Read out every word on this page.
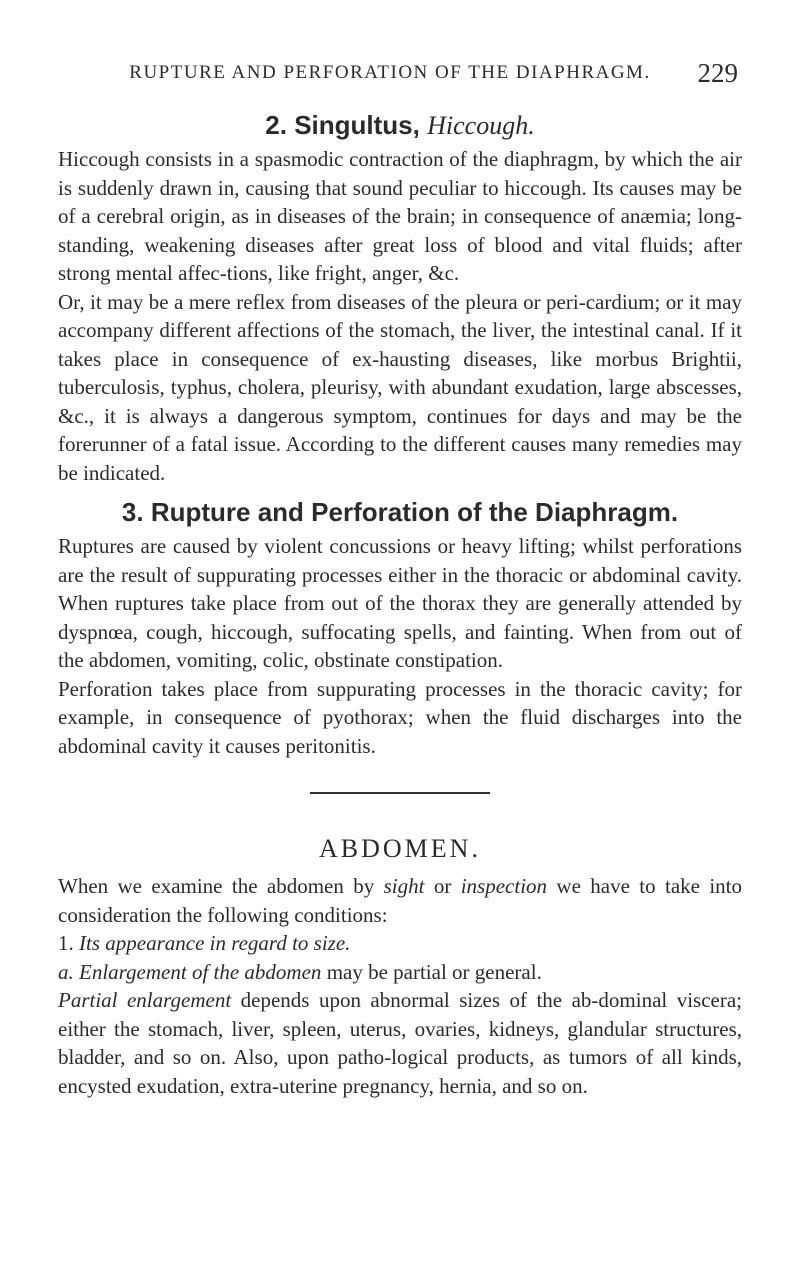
RUPTURE AND PERFORATION OF THE DIAPHRAGM.	229
2. Singultus, Hiccough.

Hiccough consists in a spasmodic contraction of the diaphragm, by which the air is suddenly drawn in, causing that sound peculiar to hiccough. Its causes may be of a cerebral origin, as in diseases of the brain; in consequence of anæmia; long-standing, weakening diseases after great loss of blood and vital fluids; after strong mental affec-tions, like fright, anger, &c.

Or, it may be a mere reflex from diseases of the pleura or peri-cardium; or it may accompany different affections of the stomach, the liver, the intestinal canal. If it takes place in consequence of ex-hausting diseases, like morbus Brightii, tuberculosis, typhus, cholera, pleurisy, with abundant exudation, large abscesses, &c., it is always a dangerous symptom, continues for days and may be the forerunner of a fatal issue. According to the different causes many remedies may be indicated.

3. Rupture and Perforation of the Diaphragm.

Ruptures are caused by violent concussions or heavy lifting; whilst perforations are the result of suppurating processes either in the thoracic or abdominal cavity. When ruptures take place from out of the thorax they are generally attended by dyspnœa, cough, hiccough, suffocating spells, and fainting. When from out of the abdomen, vomiting, colic, obstinate constipation.

Perforation takes place from suppurating processes in the thoracic cavity; for example, in consequence of pyothorax; when the fluid discharges into the abdominal cavity it causes peritonitis.

ABDOMEN.

When we examine the abdomen by sight or inspection we have to take into consideration the following conditions:

1. Its appearance in regard to size.

a. Enlargement of the abdomen may be partial or general.

Partial enlargement depends upon abnormal sizes of the ab-dominal viscera; either the stomach, liver, spleen, uterus, ovaries, kidneys, glandular structures, bladder, and so on. Also, upon patho-logical products, as tumors of all kinds, encysted exudation, extra-uterine pregnancy, hernia, and so on.
